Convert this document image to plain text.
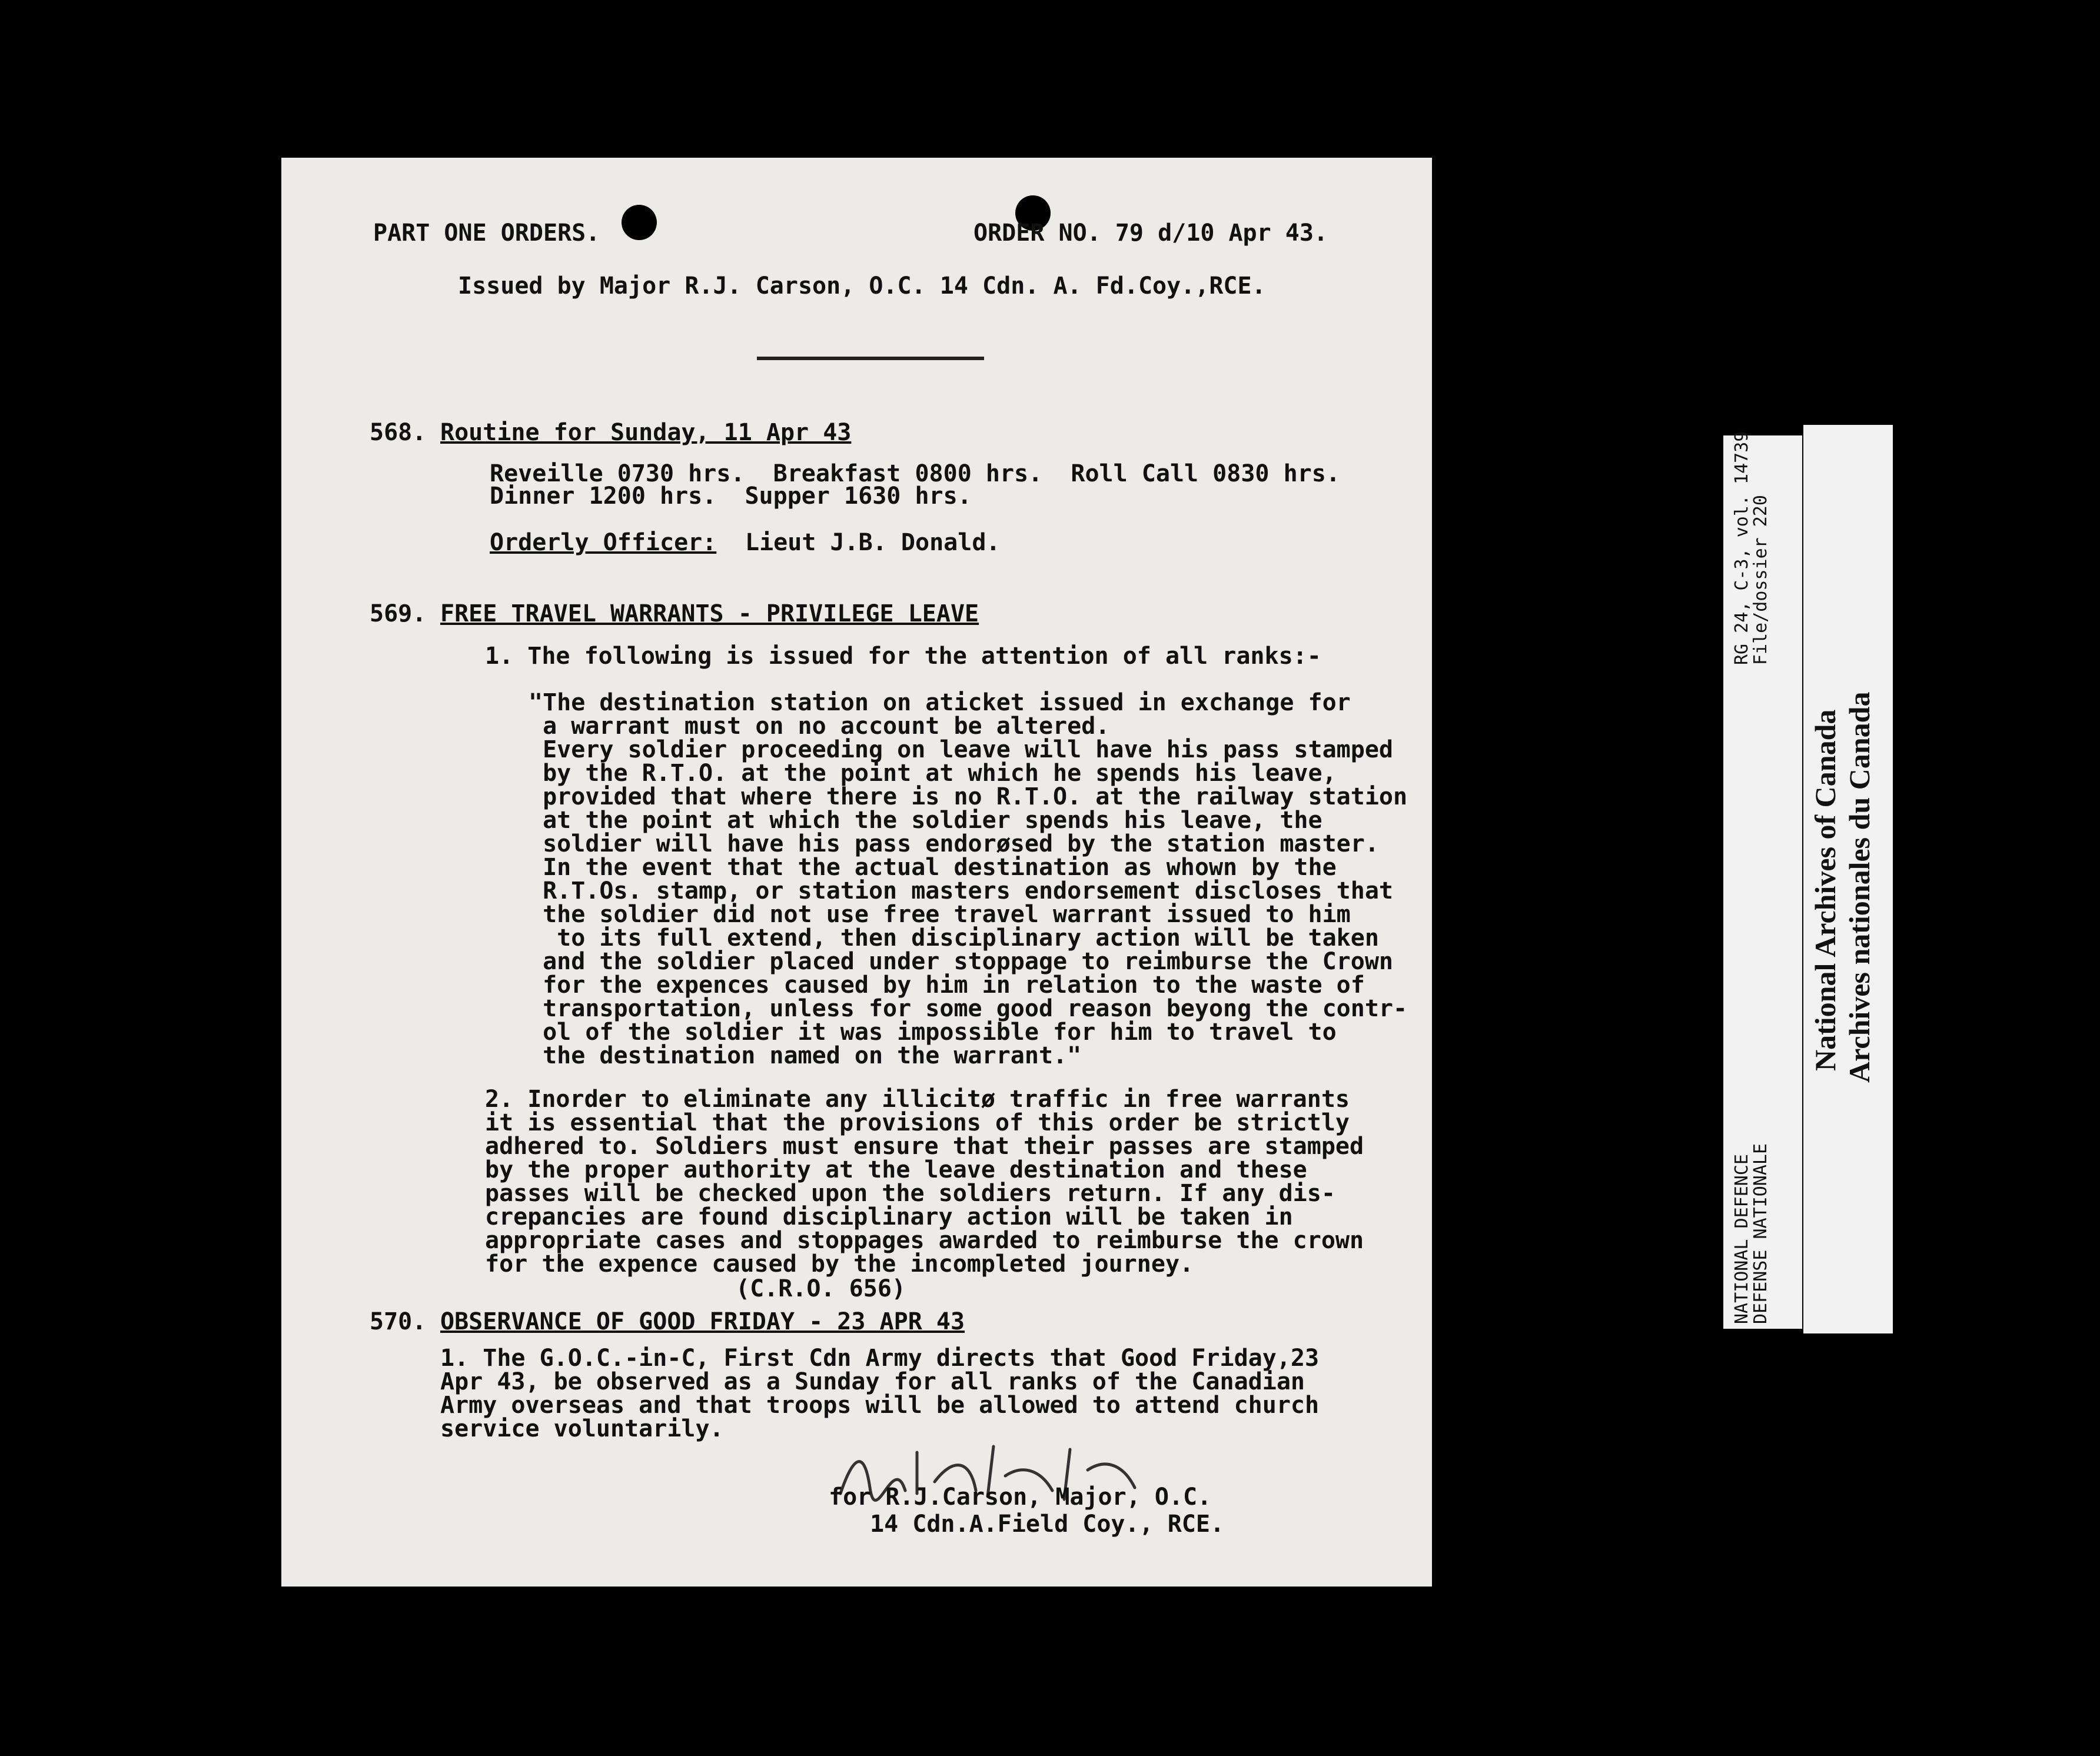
PART ONE ORDERS.	ORDER NO. 79 d/10 Apr 43.
Issued by Major R.J. Carson, O.C. 14 Cdn. A. Fd.Coy.,RCE.
568. Routine for Sunday, 11 Apr 43
Reveille 0730 hrs.  Breakfast 0800 hrs.  Roll Call 0830 hrs.
Dinner 1200 hrs.  Supper 1630 hrs.
Orderly Officer: Lieut J.B. Donald.
569. FREE TRAVEL WARRANTS - PRIVILEGE LEAVE
1. The following is issued for the attention of all ranks:-
"The destination station on aticket issued in exchange for
a warrant must on no account be altered.
Every soldier proceeding on leave will have his pass stamped
by the R.T.O. at the point at which he spends his leave,
provided that where there is no R.T.O. at the railway station
at the point at which the soldier spends his leave, the
soldier will have his pass endorøsed by the station master.
In the event that the actual destination as whown by the
R.T.Os. stamp, or station masters endorsement discloses that
the soldier did not use free travel warrant issued to him
to its full extend, then disciplinary action will be taken
and the soldier placed under stoppage to reimburse the Crown
for the expences caused by him in relation to the waste of
transportation, unless for some good reason beyong the contr-
ol of the soldier it was impossible for him to travel to
the destination named on the warrant."
2. Inorder to eliminate any illicitø traffic in free warrants
it is essential that the provisions of this order be strictly
adhered to. Soldiers must ensure that their passes are stamped
by the proper authority at the leave destination and these
passes will be checked upon the soldiers return. If any dis-
crepancies are found disciplinary action will be taken in
appropriate cases and stoppages awarded to reimburse the crown
for the expence caused by the incompleted journey.
(C.R.O. 656)
570. OBSERVANCE OF GOOD FRIDAY - 23 APR 43
1. The G.O.C.-in-C, First Cdn Army directs that Good Friday,23
Apr 43, be observed as a Sunday for all ranks of the Canadian
Army overseas and that troops will be allowed to attend church
service voluntarily.
for R.J.Carson, Major, O.C.
14 Cdn.A.Field Coy., RCE.
RG 24, C-3, vol. 14739
File/dossier 220
NATIONAL DEFENCE
DEFENSE NATIONALE
National Archives of Canada Archives nationales du Canada
